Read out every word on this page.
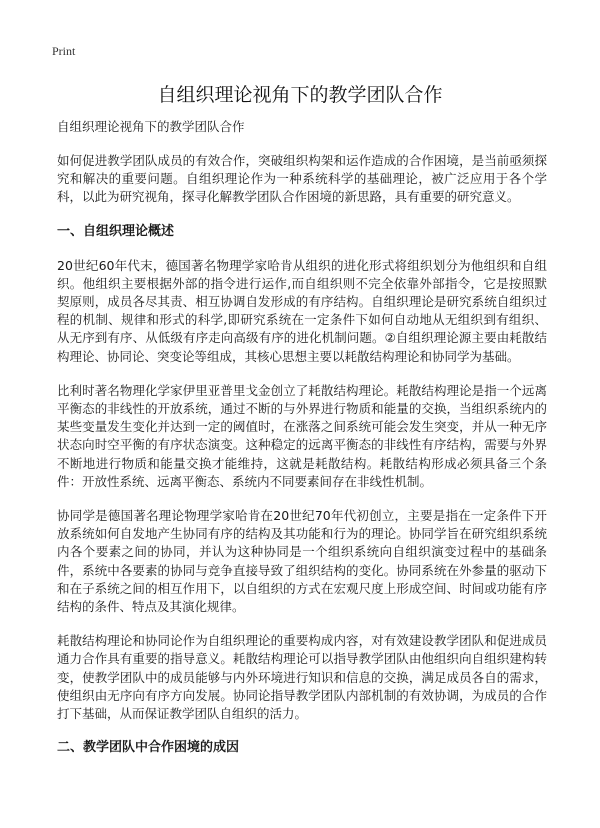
Print
自组织理论视角下的教学团队合作

自组织理论视角下的教学团队合作

如何促进教学团队成员的有效合作，突破组织构架和运作造成的合作困境，是当前亟须探究和解决的重要问题。自组织理论作为一种系统科学的基础理论，被广泛应用于各个学科，以此为研究视角，探寻化解教学团队合作困境的新思路，具有重要的研究意义。

一、自组织理论概述

20世纪60年代末，德国著名物理学家哈肯从组织的进化形式将组织划分为他组织和自组织。他组织主要根据外部的指令进行运作,而自组织则不完全依靠外部指令，它是按照默契原则，成员各尽其责、相互协调自发形成的有序结构。自组织理论是研究系统自组织过程的机制、规律和形式的科学,即研究系统在一定条件下如何自动地从无组织到有组织、从无序到有序、从低级有序走向高级有序的进化机制问题。②自组织理论源主要由耗散结构理论、协同论、突变论等组成，其核心思想主要以耗散结构理论和协同学为基础。

比利时著名物理化学家伊里亚普里戈金创立了耗散结构理论。耗散结构理论是指一个远离平衡态的非线性的开放系统，通过不断的与外界进行物质和能量的交换，当组织系统内的某些变量发生变化并达到一定的阈值时，在涨落之间系统可能会发生突变，并从一种无序状态向时空平衡的有序状态演变。这种稳定的远离平衡态的非线性有序结构，需要与外界不断地进行物质和能量交换才能维持，这就是耗散结构。耗散结构形成必须具备三个条件：开放性系统、远离平衡态、系统内不同要素间存在非线性机制。

协同学是德国著名理论物理学家哈肯在20世纪70年代初创立，主要是指在一定条件下开放系统如何自发地产生协同有序的结构及其功能和行为的理论。协同学旨在研究组织系统内各个要素之间的协同，并认为这种协同是一个组织系统向自组织演变过程中的基础条件，系统中各要素的协同与竞争直接导致了组织结构的变化。协同系统在外参量的驱动下和在子系统之间的相互作用下，以自组织的方式在宏观尺度上形成空间、时间或功能有序结构的条件、特点及其演化规律。

耗散结构理论和协同论作为自组织理论的重要构成内容，对有效建设教学团队和促进成员通力合作具有重要的指导意义。耗散结构理论可以指导教学团队由他组织向自组织建构转变，使教学团队中的成员能够与内外环境进行知识和信息的交换，满足成员各自的需求，使组织由无序向有序方向发展。协同论指导教学团队内部机制的有效协调，为成员的合作打下基础，从而保证教学团队自组织的活力。

二、教学团队中合作困境的成因
